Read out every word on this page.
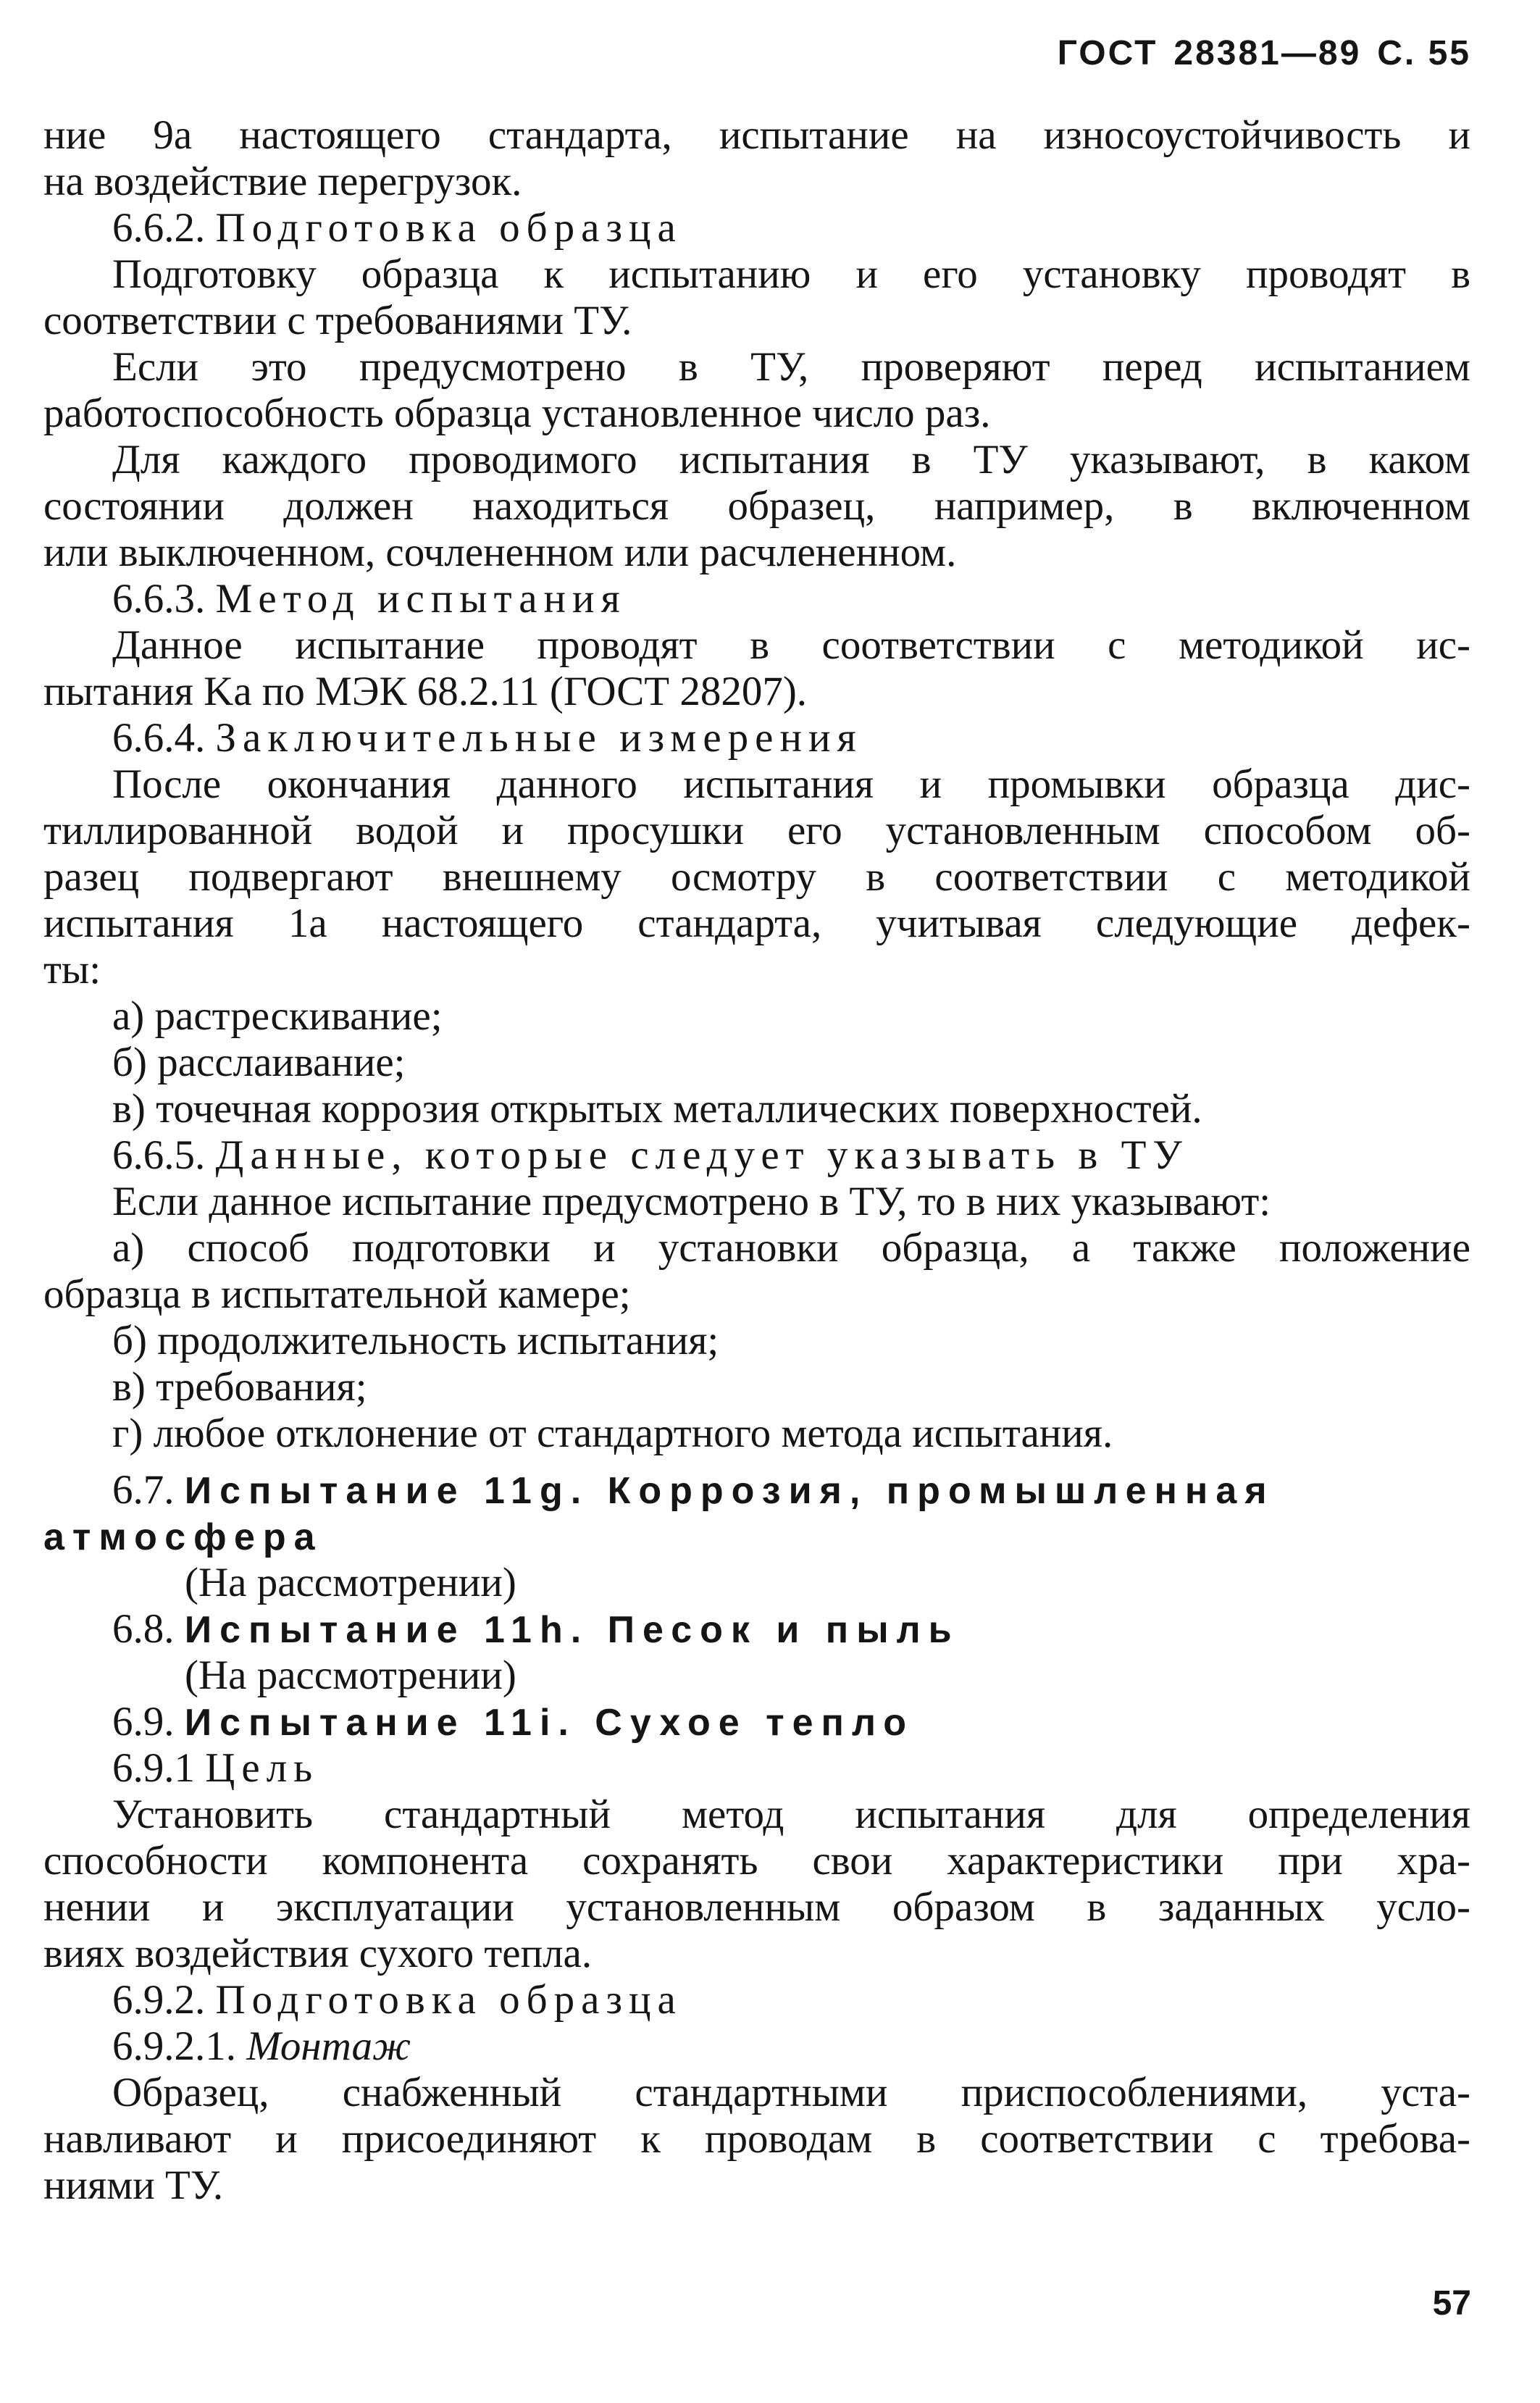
ГОСТ 28381—89 С. 55
ние 9a настоящего стандарта, испытание на износоустойчивость и
на воздействие перегрузок.
6.6.2. Подготовка образца
Подготовку образца к испытанию и его установку проводят в
соответствии с требованиями ТУ.
Если это предусмотрено в ТУ, проверяют перед испытанием
работоспособность образца установленное число раз.
Для каждого проводимого испытания в ТУ указывают, в каком
состоянии должен находиться образец, например, в включенном
или выключенном, сочлененном или расчлененном.
6.6.3. Метод испытания
Данное испытание проводят в соответствии с методикой ис-
пытания Ka по МЭК 68.2.11 (ГОСТ 28207).
6.6.4. Заключительные измерения
После окончания данного испытания и промывки образца дис-
тиллированной водой и просушки его установленным способом об-
разец подвергают внешнему осмотру в соответствии с методикой
испытания 1a настоящего стандарта, учитывая следующие дефек-
ты:
а) растрескивание;
б) расслаивание;
в) точечная коррозия открытых металлических поверхностей.
6.6.5. Данные, которые следует указывать в ТУ
Если данное испытание предусмотрено в ТУ, то в них указывают:
а) способ подготовки и установки образца, а также положение
образца в испытательной камере;
б) продолжительность испытания;
в) требования;
г) любое отклонение от стандартного метода испытания.
6.7. Испытание 11g. Коррозия, промышленная
атмосфера
(На рассмотрении)
6.8. Испытание 11h. Песок и пыль
(На рассмотрении)
6.9. Испытание 11i. Сухое тепло
6.9.1 Цель
Установить стандартный метод испытания для определения
способности компонента сохранять свои характеристики при хра-
нении и эксплуатации установленным образом в заданных усло-
виях воздействия сухого тепла.
6.9.2. Подготовка образца
6.9.2.1. Монтаж
Образец, снабженный стандартными приспособлениями, уста-
навливают и присоединяют к проводам в соответствии с требова-
ниями ТУ.
57
